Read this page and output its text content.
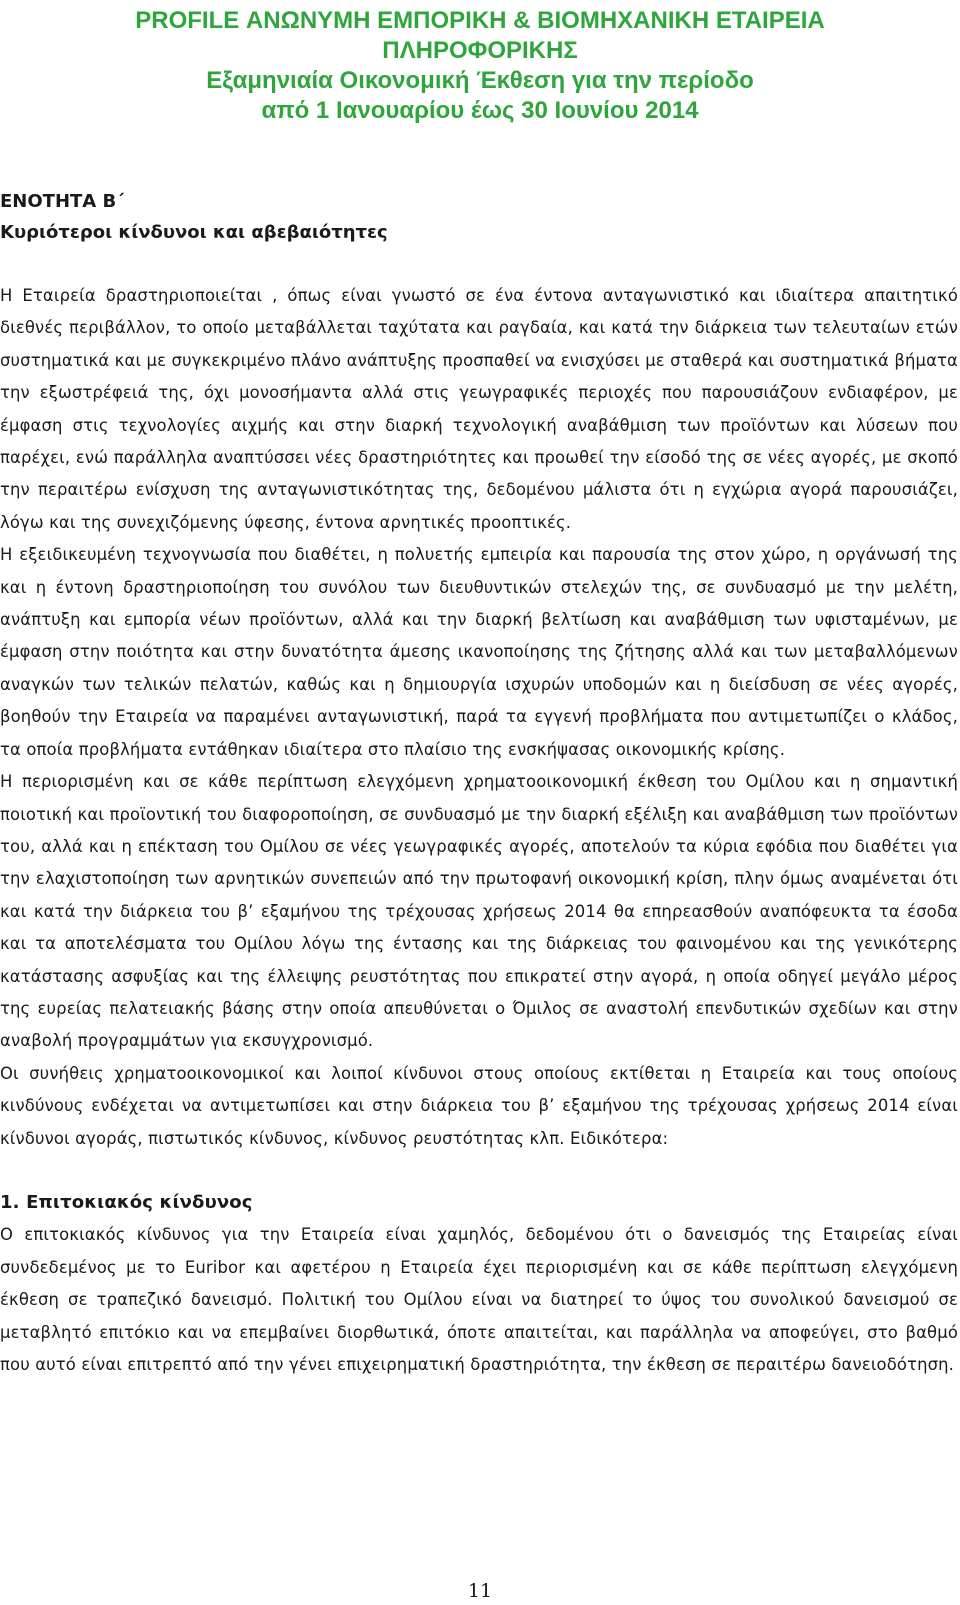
PROFILE ΑΝΩΝΥΜΗ ΕΜΠΟΡΙΚΗ & ΒΙΟΜΗΧΑΝΙΚΗ ΕΤΑΙΡΕΙΑ
ΠΛΗΡΟΦΟΡΙΚΗΣ
Εξαμηνιαία Οικονομική Έκθεση για την περίοδο
από 1 Ιανουαρίου έως 30 Ιουνίου 2014
ΕΝΟΤΗΤΑ Β΄
Κυριότεροι κίνδυνοι και αβεβαιότητες

Η Εταιρεία δραστηριοποιείται , όπως είναι γνωστό σε ένα έντονα ανταγωνιστικό και ιδιαίτερα απαιτητικό διεθνές περιβάλλον, το οποίο μεταβάλλεται ταχύτατα και ραγδαία, και κατά την διάρκεια των τελευταίων ετών συστηματικά και με συγκεκριμένο πλάνο ανάπτυξης προσπαθεί να ενισχύσει με σταθερά και συστηματικά βήματα την εξωστρέφειά της, όχι μονοσήμαντα αλλά στις γεωγραφικές περιοχές που παρουσιάζουν ενδιαφέρον, με έμφαση στις τεχνολογίες αιχμής και στην διαρκή τεχνολογική αναβάθμιση των προϊόντων και λύσεων που παρέχει, ενώ παράλληλα αναπτύσσει νέες δραστηριότητες και προωθεί την είσοδό της σε νέες αγορές, με σκοπό την περαιτέρω ενίσχυση της ανταγωνιστικότητας της, δεδομένου μάλιστα ότι η εγχώρια αγορά παρουσιάζει, λόγω και της συνεχιζόμενης ύφεσης, έντονα αρνητικές προοπτικές.

Η εξειδικευμένη τεχνογνωσία που διαθέτει, η πολυετής εμπειρία και παρουσία της στον χώρο, η οργάνωσή της και η έντονη δραστηριοποίηση του συνόλου των διευθυντικών στελεχών της, σε συνδυασμό με την μελέτη, ανάπτυξη και εμπορία νέων προϊόντων, αλλά και την διαρκή βελτίωση και αναβάθμιση των υφισταμένων, με έμφαση στην ποιότητα και στην δυνατότητα άμεσης ικανοποίησης της ζήτησης αλλά και των μεταβαλλόμενων αναγκών των τελικών πελατών, καθώς και η δημιουργία ισχυρών υποδομών και η διείσδυση σε νέες αγορές, βοηθούν την Εταιρεία να παραμένει ανταγωνιστική, παρά τα εγγενή προβλήματα που αντιμετωπίζει ο κλάδος, τα οποία προβλήματα εντάθηκαν ιδιαίτερα στο πλαίσιο της ενσκήψασας οικονομικής κρίσης.

Η περιορισμένη και σε κάθε περίπτωση ελεγχόμενη χρηματοοικονομική έκθεση του Ομίλου και η σημαντική ποιοτική και προϊοντική του διαφοροποίηση, σε συνδυασμό με την διαρκή εξέλιξη και αναβάθμιση των προϊόντων του, αλλά και η επέκταση του Ομίλου σε νέες γεωγραφικές αγορές, αποτελούν τα κύρια εφόδια που διαθέτει για την ελαχιστοποίηση των αρνητικών συνεπειών από την πρωτοφανή οικονομική κρίση, πλην όμως αναμένεται ότι και κατά την διάρκεια του β’ εξαμήνου της τρέχουσας χρήσεως 2014 θα επηρεασθούν αναπόφευκτα τα έσοδα και τα αποτελέσματα του Ομίλου λόγω της έντασης και της διάρκειας του φαινομένου και της γενικότερης κατάστασης ασφυξίας και της έλλειψης ρευστότητας που επικρατεί στην αγορά, η οποία οδηγεί μεγάλο μέρος της ευρείας πελατειακής βάσης στην οποία απευθύνεται ο Όμιλος σε αναστολή επενδυτικών σχεδίων και στην αναβολή προγραμμάτων για εκσυγχρονισμό.

Οι συνήθεις χρηματοοικονομικοί και λοιποί κίνδυνοι στους οποίους εκτίθεται η Εταιρεία και τους οποίους κινδύνους ενδέχεται να αντιμετωπίσει και στην διάρκεια του β’ εξαμήνου της τρέχουσας χρήσεως 2014 είναι κίνδυνοι αγοράς, πιστωτικός κίνδυνος, κίνδυνος ρευστότητας κλπ. Ειδικότερα:

1. Επιτοκιακός κίνδυνος

Ο επιτοκιακός κίνδυνος για την Εταιρεία είναι χαμηλός, δεδομένου ότι ο δανεισμός της Εταιρείας είναι συνδεδεμένος με το Euribor και αφετέρου η Εταιρεία έχει περιορισμένη και σε κάθε περίπτωση ελεγχόμενη έκθεση σε τραπεζικό δανεισμό. Πολιτική του Ομίλου είναι να διατηρεί το ύψος του συνολικού δανεισμού σε μεταβλητό επιτόκιο και να επεμβαίνει διορθωτικά, όποτε απαιτείται, και παράλληλα να αποφεύγει, στο βαθμό που αυτό είναι επιτρεπτό από την γένει επιχειρηματική δραστηριότητα, την έκθεση σε περαιτέρω δανειοδότηση.

11
